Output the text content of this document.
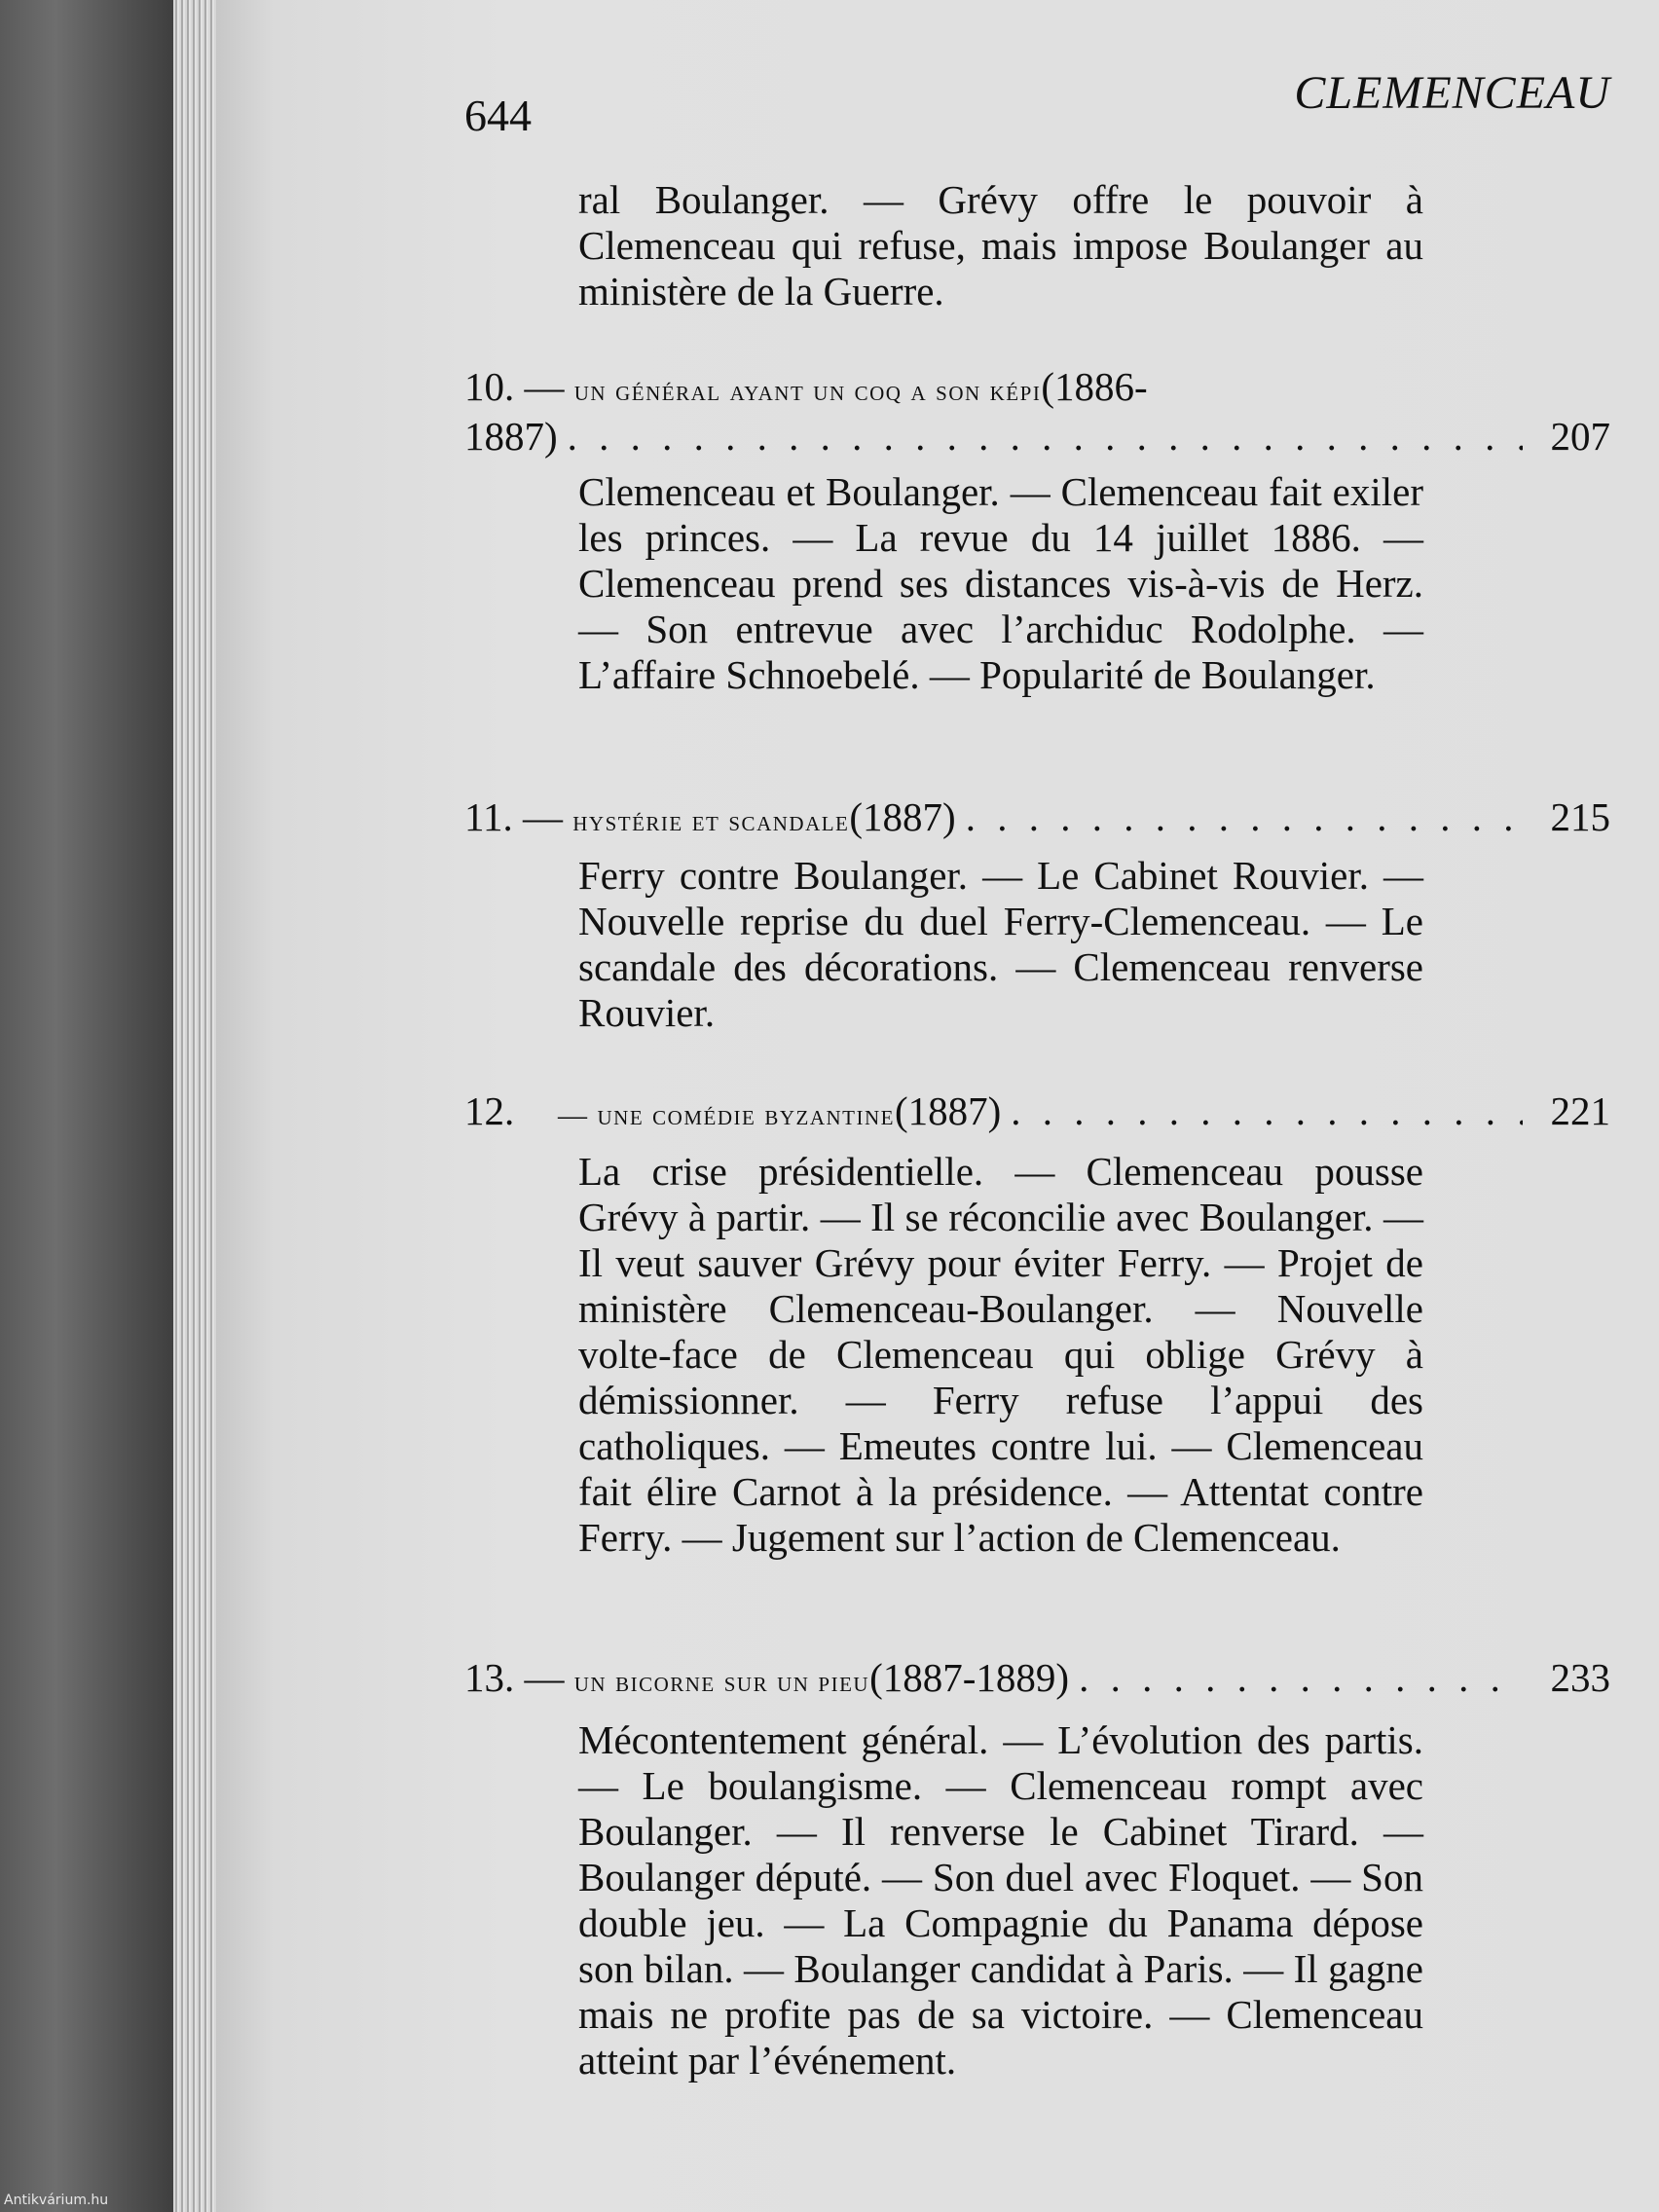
644	CLEMENCEAU
ral Boulanger. — Grévy offre le pouvoir à Clemenceau qui refuse, mais impose Boulanger au ministère de la Guerre.
10. —
un général ayant un coq a son képi (1886-
1887) . . .	207
Clemenceau et Boulanger. — Clemenceau fait exiler les princes. — La revue du 14 juillet 1886. — Clemenceau prend ses distances vis-à-vis de Herz. — Son entrevue avec l’archiduc Rodolphe. — L’affaire Schnoebelé. — Popularité de Boulanger.
11. —
hystérie et scandale (1887) . . .	215
Ferry contre Boulanger. — Le Cabinet Rouvier. — Nouvelle reprise du duel Ferry-Clemenceau. — Le scandale des décorations. — Clemenceau renverse Rouvier.
12.	— une comédie byzantine (1887) . . .	221
La crise présidentielle. — Clemenceau pousse Grévy à partir. — Il se réconcilie avec Boulanger. — Il veut sauver Grévy pour éviter Ferry. — Projet de ministère Clemenceau-Boulanger. — Nouvelle volte-face de Clemenceau qui oblige Grévy à démissionner. — Ferry refuse l’appui des catholiques. — Emeutes contre lui. — Clemenceau fait élire Carnot à la présidence. — Attentat contre Ferry. — Jugement sur l’action de Clemenceau.
13. —
un bicorne sur un pieu (1887-1889) . . .	233
Mécontentement général. — L’évolution des partis. — Le boulangisme. — Clemenceau rompt avec Boulanger. — Il renverse le Cabinet Tirard. — Boulanger député. — Son duel avec Floquet. — Son double jeu. — La Compagnie du Panama dépose son bilan. — Boulanger candidat à Paris. — Il gagne mais ne profite pas de sa victoire. — Clemenceau atteint par l’événement.
Antikvárium.hu
